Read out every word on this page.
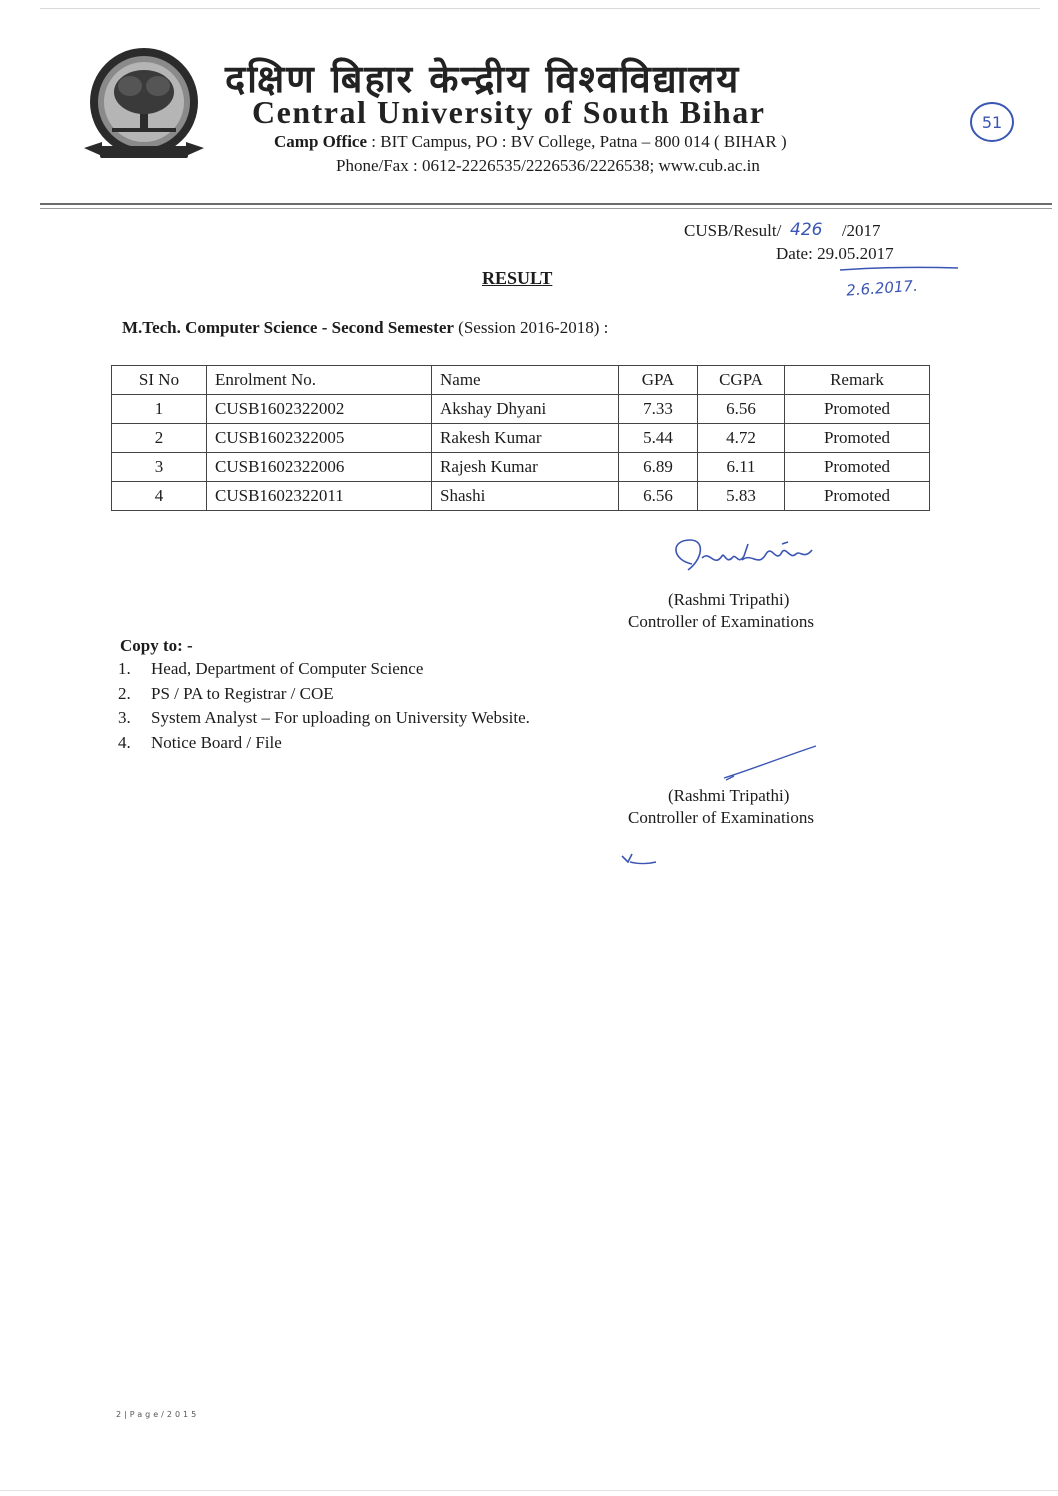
दक्षिण बिहार केन्द्रीय विश्वविद्यालय
Central University of South Bihar
Camp Office : BIT Campus, PO : BV College, Patna – 800 014 ( BIHAR )
Phone/Fax : 0612-2226535/2226536/2226538; www.cub.ac.in
51
CUSB/Result/ 426 /2017
Date: 29.05.2017
2.6.2017.
RESULT
M.Tech. Computer Science - Second Semester (Session 2016-2018) :
SI No	Enrolment No.	Name	GPA	CGPA	Remark
1	CUSB1602322002	Akshay Dhyani	7.33	6.56	Promoted
2	CUSB1602322005	Rakesh Kumar	5.44	4.72	Promoted
3	CUSB1602322006	Rajesh Kumar	6.89	6.11	Promoted
4	CUSB1602322011	Shashi	6.56	5.83	Promoted
(Rashmi Tripathi)
Controller of Examinations
Copy to: -
1. Head, Department of Computer Science
2. PS / PA to Registrar / COE
3. System Analyst – For uploading on University Website.
4. Notice Board / File
(Rashmi Tripathi)
Controller of Examinations
2|Page/2015
